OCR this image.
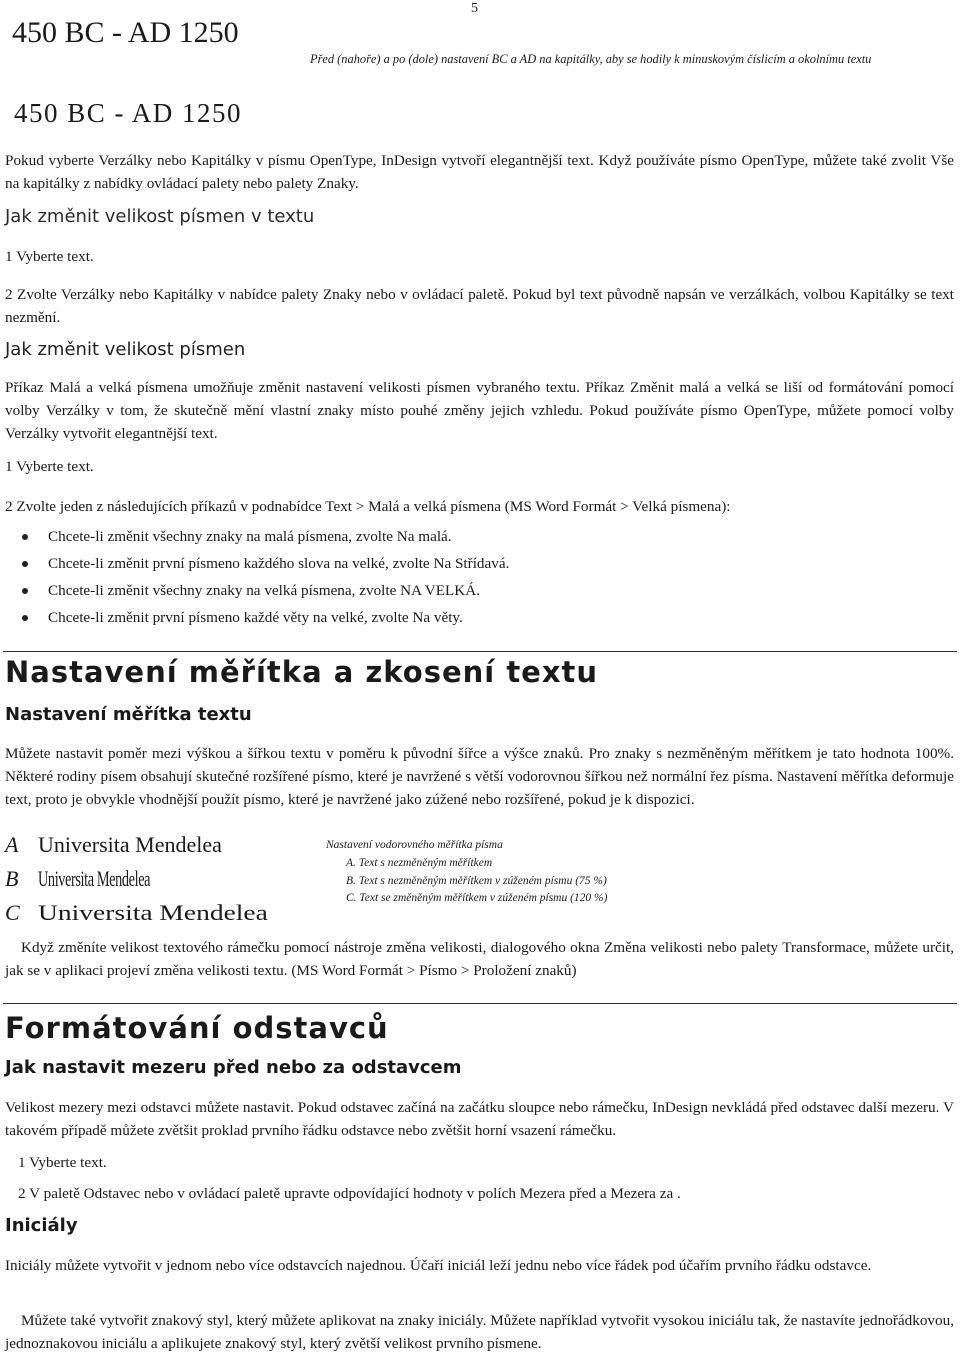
450 BC - AD 1250
5
Před (nahoře) a po (dole) nastavení BC a AD na kapitálky, aby se hodily k minuskovým číslicím a okolnímu textu
450 BC - AD 1250

Pokud vyberte Verzálky nebo Kapitálky v písmu OpenType, InDesign vytvoří elegantnější text. Když používáte písmo OpenType, můžete také zvolit Vše na kapitálky z nabídky ovládací palety nebo palety Znaky.

Jak změnit velikost písmen v textu

1 Vyberte text.

2 Zvolte Verzálky nebo Kapitálky v nabídce palety Znaky nebo v ovládací paletě. Pokud byl text původně napsán ve verzálkách, volbou Kapitálky se text nezmění.

Jak změnit velikost písmen

Příkaz Malá a velká písmena umožňuje změnit nastavení velikosti písmen vybraného textu. Příkaz Změnit malá a velká se liší od formátování pomocí volby Verzálky v tom, že skutečně mění vlastní znaky místo pouhé změny jejich vzhledu. Pokud používáte písmo OpenType, můžete pomocí volby Verzálky vytvořit elegantnější text.

1 Vyberte text.

2 Zvolte jeden z následujících příkazů v podnabídce Text > Malá a velká písmena (MS Word Formát > Velká písmena):

Chcete-li změnit všechny znaky na malá písmena, zvolte Na malá.
Chcete-li změnit první písmeno každého slova na velké, zvolte Na Střídavá.
Chcete-li změnit všechny znaky na velká písmena, zvolte NA VELKÁ.
Chcete-li změnit první písmeno každé věty na velké, zvolte Na věty.
Nastavení měřítka a zkosení textu
Nastavení měřítka textu

Můžete nastavit poměr mezi výškou a šířkou textu v poměru k původní šířce a výšce znaků. Pro znaky s nezměněným měřítkem je tato hodnota 100%. Některé rodiny písem obsahují skutečné rozšířené písmo, které je navržené s větší vodorovnou šířkou než normální řez písma. Nastavení měřítka deformuje text, proto je obvykle vhodnější použít písmo, které je navržené jako zúžené nebo rozšířené, pokud je k dispozici.

A
B
C
Universita Mendelea
Universita Mendelea
Universita Mendelea
Nastavení vodorovného měřítka písma
A. Text s nezměněným měřítkem
B. Text s nezměněným měřítkem v zúženém písmu (75 %)
C. Text se změněným měřítkem v zúženém písmu (120 %)

Když změníte velikost textového rámečku pomocí nástroje změna velikosti, dialogového okna Změna velikosti nebo palety Transformace, můžete určit, jak se v aplikaci projeví změna velikosti textu. (MS Word Formát > Písmo > Proložení znaků)

Formátování odstavců
Jak nastavit mezeru před nebo za odstavcem

Velikost mezery mezi odstavci můžete nastavit. Pokud odstavec začíná na začátku sloupce nebo rámečku, InDesign nevkládá před odstavec další mezeru. V takovém případě můžete zvětšit proklad prvního řádku odstavce nebo zvětšit horní vsazení rámečku.

1 Vyberte text.

2 V paletě Odstavec nebo v ovládací paletě upravte odpovídající hodnoty v polích Mezera před a Mezera za .

Iniciály

Iniciály můžete vytvořit v jednom nebo více odstavcích najednou. Účaří iniciál leží jednu nebo více řádek pod účařím prvního řádku odstavce.

Můžete také vytvořit znakový styl, který můžete aplikovat na znaky iniciály. Můžete například vytvořit vysokou iniciálu tak, že nastavíte jednořádkovou, jednoznakovou iniciálu a aplikujete znakový styl, který zvětší velikost prvního písmene.
